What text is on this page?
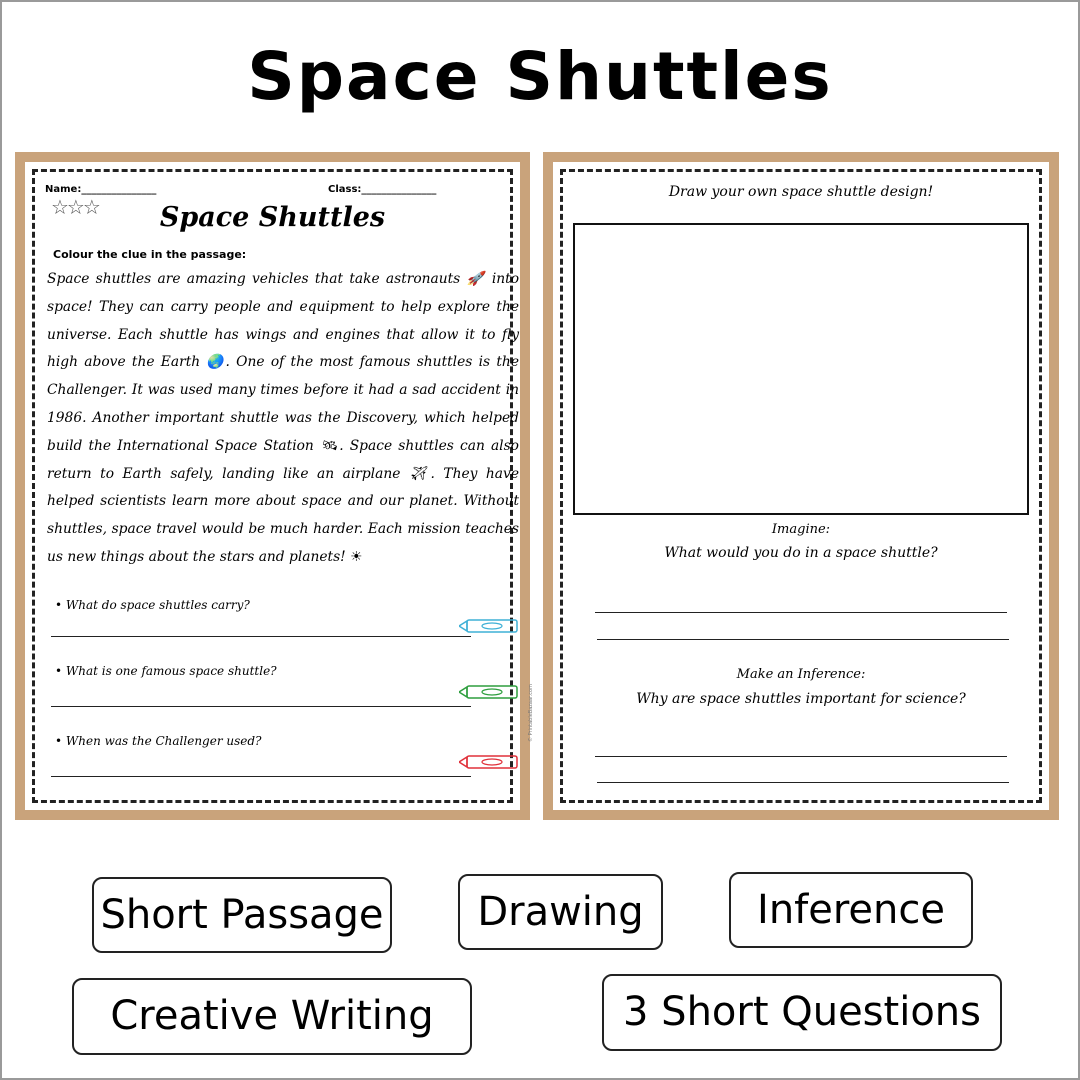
Space Shuttles
Name:_______________	Class:_______________
☆☆☆	Space Shuttles
Colour the clue in the passage:
Space shuttles are amazing vehicles that take astronauts 🚀 into space! They can carry people and equipment to help explore the universe. Each shuttle has wings and engines that allow it to fly high above the Earth 🌏. One of the most famous shuttles is the Challenger. It was used many times before it had a sad accident in 1986. Another important shuttle was the Discovery, which helped build the International Space Station 🛰. Space shuttles can also return to Earth safely, landing like an airplane ✈. They have helped scientists learn more about space and our planet. Without shuttles, space travel would be much harder. Each mission teaches us new things about the stars and planets! ☀
• What do space shuttles carry?
• What is one famous space shuttle?
• When was the Challenger used?	© PrintableBazaar.com
Draw your own space shuttle design!
Imagine:
What would you do in a space shuttle?
Make an Inference:
Why are space shuttles important for science?
Short Passage	Drawing	Inference
Creative Writing	3 Short Questions
